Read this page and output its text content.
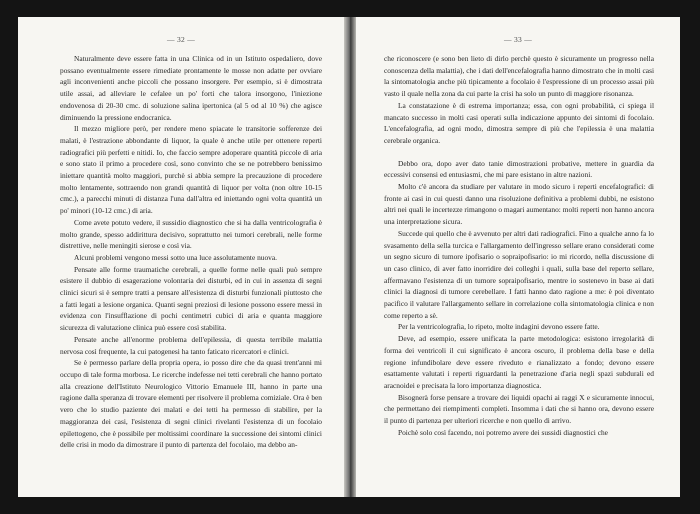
— 32 —

Naturalmente deve essere fatta in una Clinica od in un Istituto ospedaliero, dove possano eventualmente essere rimediate prontamente le mosse non adatte per ovviare agli inconvenienti anche piccoli che possano insorgere. Per esempio, si è dimostrata utile assai, ad alleviare le cefalee un po' forti che talora insorgono, l'iniezione endovenosa di 20-30 cmc. di soluzione salina ipertonica (al 5 od al 10 %) che agisce diminuendo la pressione endocranica.

Il mezzo migliore però, per rendere meno spiacate le transitorie sofferenze dei malati, è l'estrazione abbondante di liquor, la quale è anche utile per ottenere reperti radiografici più perfetti e nitidi. Io, che faccio sempre adoperare quantità piccole di aria e sono stato il primo a procedere così, sono convinto che se ne potrebbero benissimo iniettare quantità molto maggiori, purchè si abbia sempre la precauzione di procedere molto lentamente, sottraendo non grandi quantità di liquor per volta (non oltre 10-15 cmc.), a parecchi minuti di distanza l'una dall'altra ed iniettando ogni volta quantità un po' minori (10-12 cmc.) di aria.

Come avete potuto vedere, il sussidio diagnostico che si ha dalla ventricolografia è molto grande, spesso addirittura decisivo, soprattutto nei tumori cerebrali, nelle forme distrettive, nelle meningiti sierose e così via.

Alcuni problemi vengono messi sotto una luce assolutamente nuova.

Pensate alle forme traumatiche cerebrali, a quelle forme nelle quali può sempre esistere il dubbio di esagerazione volontaria dei disturbi, ed in cui in assenza di segni clinici sicuri si è sempre tratti a pensare all'esistenza di disturbi funzionali piuttosto che a fatti legati a lesione organica. Quanti segni preziosi di lesione possono essere messi in evidenza con l'insufflazione di pochi centimetri cubici di aria e quanta maggiore sicurezza di valutazione clinica può essere così stabilita.

Pensate anche all'enorme problema dell'epilessia, di questa terribile malattia nervosa così frequente, la cui patogenesi ha tanto faticato ricercatori e clinici.

Se è permesso parlare della propria opera, io posso dire che da quasi trent'anni mi occupo di tale forma morbosa. Le ricerche indefesse nei tetti cerebrali che hanno portato alla creazione dell'Istituto Neurologico Vittorio Emanuele III, hanno in parte una ragione dalla speranza di trovare elementi per risolvere il problema comiziale. Ora è ben vero che lo studio paziente dei malati e dei tetti ha permesso di stabilire, per la maggioranza dei casi, l'esistenza di segni clinici rivelanti l'esistenza di un focolaio epilettogeno, che è possibile per moltissimi coordinare la successione dei sintomi clinici delle crisi in modo da dimostrare il punto di partenza del focolaio, ma debbo an-

— 33 —

che riconoscere (e sono ben lieto di dirlo perchè questo è sicuramente un progresso nella conoscenza della malattia), che i dati dell'encefalografia hanno dimostrato che in molti casi la sintomatologia anche più tipicamente a focolaio è l'espressione di un processo assai più vasto il quale nella zona da cui parte la crisi ha solo un punto di maggiore risonanza.

La constatazione è di estrema importanza; essa, con ogni probabilità, ci spiega il mancato successo in molti casi operati sulla indicazione appunto dei sintomi di focolaio. L'encefalografia, ad ogni modo, dimostra sempre di più che l'epilessia è una malattia cerebrale organica.

Debbo ora, dopo aver dato tanie dimostrazioni probative, mettere in guardia da eccessivi consensi ed entusiasmi, che mi pare esistano in altre nazioni.

Molto c'è ancora da studiare per valutare in modo sicuro i reperti encefalografici: di fronte ai casi in cui questi danno una risoluzione definitiva a problemi dubbi, ne esistono altri nei quali le incertezze rimangono o magari aumentano: molti reperti non hanno ancora una interpretazione sicura.

Succede qui quello che è avvenuto per altri dati radiografici. Fino a qualche anno fa lo svasamento della sella turcica e l'allargamento dell'ingresso sellare erano considerati come un segno sicuro di tumore ipofisario o sopraipofisario: io mi ricordo, nella discussione di un caso clinico, di aver fatto inorridire dei colleghi i quali, sulla base del reperto sellare, affermavano l'esistenza di un tumore sopraipofisario, mentre io sostenevo in base ai dati clinici la diagnosi di tumore cerebellare. I fatti hanno dato ragione a me: è poi diventato pacifico il valutare l'allargamento sellare in correlazione colla sintomatologia clinica e non come reperto a sè.

Per la ventricolografia, lo ripeto, molte indagini devono essere fatte.

Deve, ad esempio, essere unificata la parte metodologica: esistono irregolarità di forma dei ventricoli il cui significato è ancora oscuro, il problema della base e della regione infundibolare deve essere riveduto e rianalizzato a fondo; devono essere esattamente valutati i reperti riguardanti la penetrazione d'aria negli spazi subdurali ed aracnoidei e precisata la loro importanza diagnostica.

Bisognerà forse pensare a trovare dei liquidi opachi ai raggi X e sicuramente innocui, che permettano dei riempimenti completi. Insomma i dati che si hanno ora, devono essere il punto di partenza per ulteriori ricerche e non quello di arrivo.

Poichè solo così facendo, noi potremo avere dei sussidi diagnostici che
